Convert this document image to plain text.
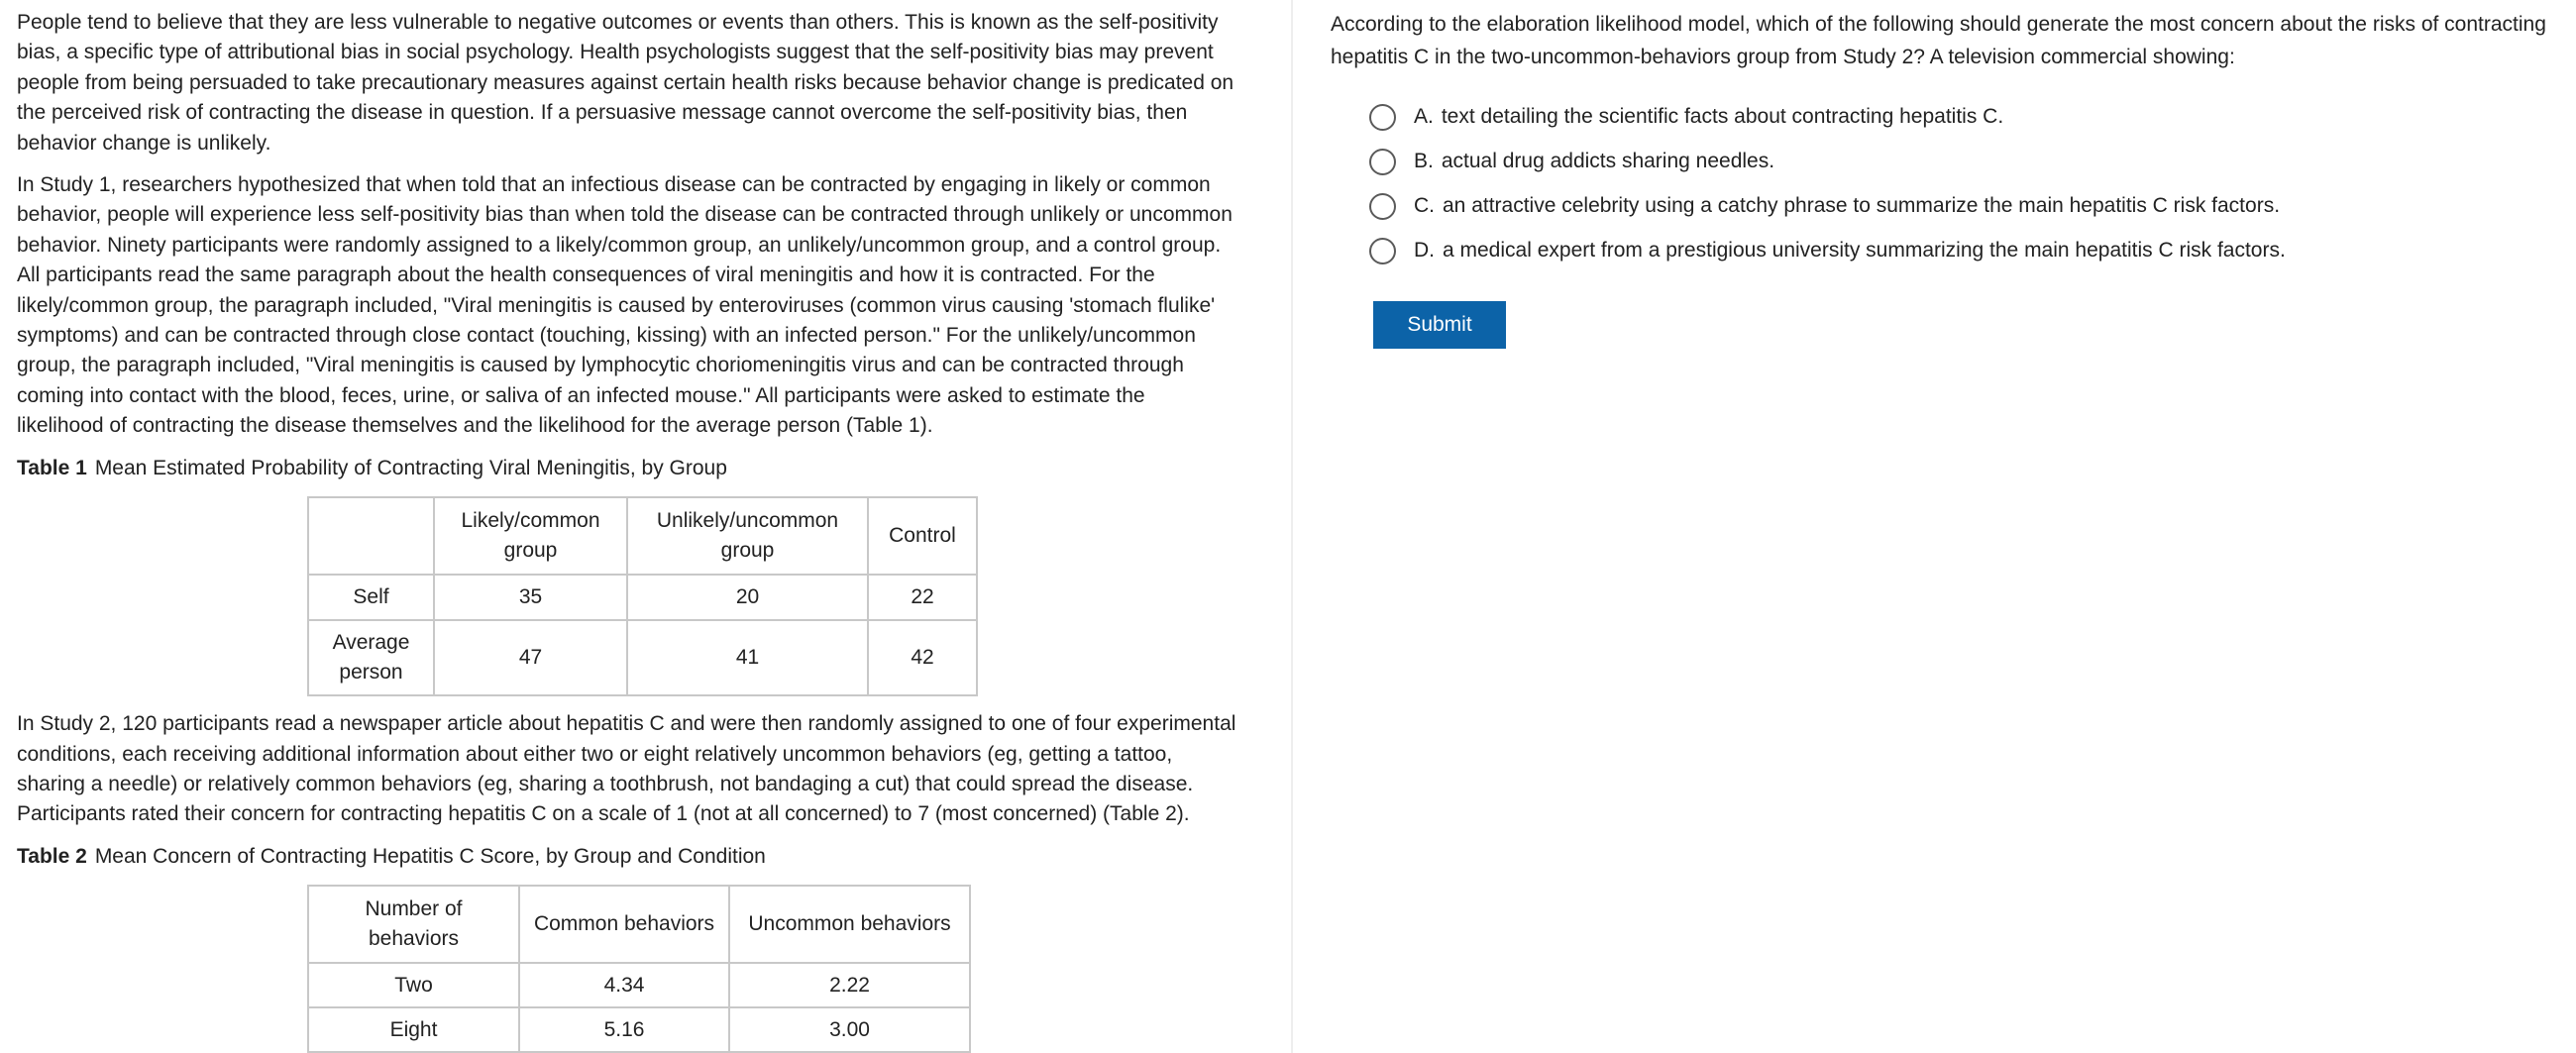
People tend to believe that they are less vulnerable to negative outcomes or events than others. This is known as the self-positivity
bias, a specific type of attributional bias in social psychology. Health psychologists suggest that the self-positivity bias may prevent
people from being persuaded to take precautionary measures against certain health risks because behavior change is predicated on
the perceived risk of contracting the disease in question. If a persuasive message cannot overcome the self-positivity bias, then
behavior change is unlikely.
In Study 1, researchers hypothesized that when told that an infectious disease can be contracted by engaging in likely or common
behavior, people will experience less self-positivity bias than when told the disease can be contracted through unlikely or uncommon
behavior. Ninety participants were randomly assigned to a likely/common group, an unlikely/uncommon group, and a control group.
All participants read the same paragraph about the health consequences of viral meningitis and how it is contracted. For the
likely/common group, the paragraph included, "Viral meningitis is caused by enteroviruses (common virus causing 'stomach flulike'
symptoms) and can be contracted through close contact (touching, kissing) with an infected person." For the unlikely/uncommon
group, the paragraph included, "Viral meningitis is caused by lymphocytic choriomeningitis virus and can be contracted through
coming into contact with the blood, feces, urine, or saliva of an infected mouse." All participants were asked to estimate the
likelihood of contracting the disease themselves and the likelihood for the average person (Table 1).
Table 1 Mean Estimated Probability of Contracting Viral Meningitis, by Group
	Likely/common group	Unlikely/uncommon group	Control
Self	35	20	22
Average person	47	41	42
In Study 2, 120 participants read a newspaper article about hepatitis C and were then randomly assigned to one of four experimental
conditions, each receiving additional information about either two or eight relatively uncommon behaviors (eg, getting a tattoo,
sharing a needle) or relatively common behaviors (eg, sharing a toothbrush, not bandaging a cut) that could spread the disease.
Participants rated their concern for contracting hepatitis C on a scale of 1 (not at all concerned) to 7 (most concerned) (Table 2).
Table 2 Mean Concern of Contracting Hepatitis C Score, by Group and Condition
Number of behaviors	Common behaviors	Uncommon behaviors
Two	4.34	2.22
Eight	5.16	3.00
According to the elaboration likelihood model, which of the following should generate the most concern about the risks of contracting
hepatitis C in the two-uncommon-behaviors group from Study 2? A television commercial showing:
A. text detailing the scientific facts about contracting hepatitis C.
B. actual drug addicts sharing needles.
C. an attractive celebrity using a catchy phrase to summarize the main hepatitis C risk factors.
D. a medical expert from a prestigious university summarizing the main hepatitis C risk factors.
Submit
